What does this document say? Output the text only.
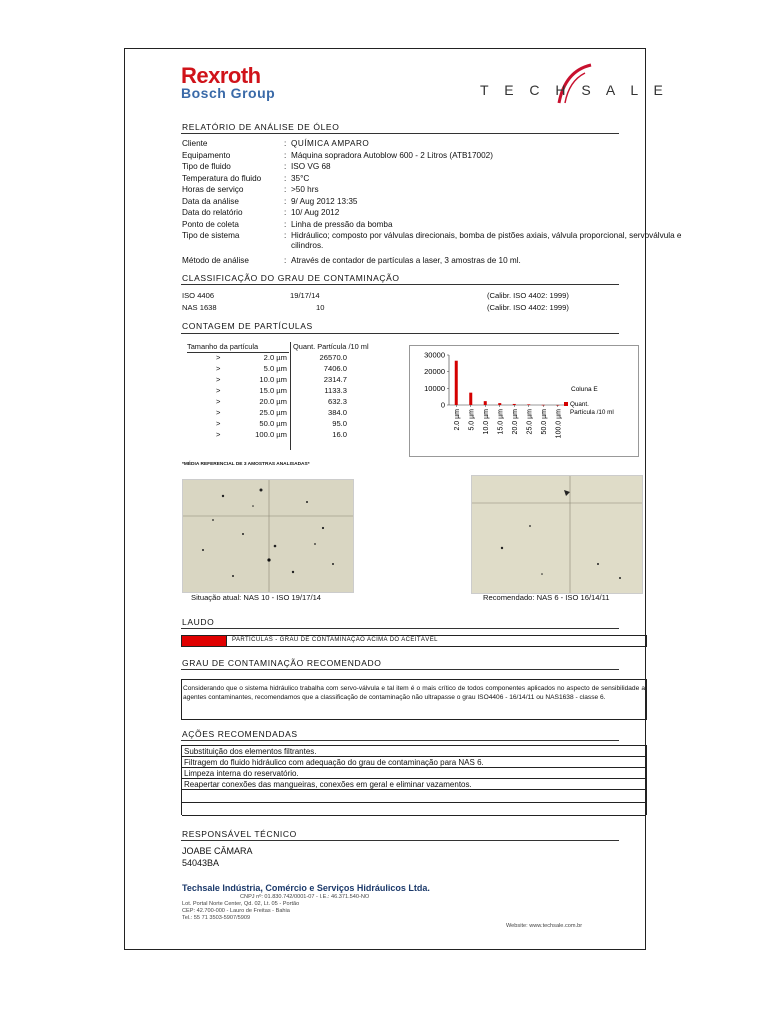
Rexroth
Bosch Group	T E C H S A L E
RELATÓRIO DE ANÁLISE DE ÓLEO
Cliente	: QUÍMICA AMPARO
Equipamento	: Máquina sopradora Autoblow 600 - 2 Litros (ATB17002)
Tipo de fluido	: ISO VG 68
Temperatura do fluido	: 35°C
Horas de serviço	: >50 hrs
Data da análise	: 9/ Aug 2012 13:35
Data do relatório	: 10/ Aug 2012
Ponto de coleta	: Linha de pressão da bomba
Tipo de sistema	: Hidráulico; composto por válvulas direcionais, bomba de pistões axiais, válvula proporcional, servoválvula e cilindros.
Método de análise	: Através de contador de partículas a laser, 3 amostras de 10 ml.
CLASSIFICAÇÃO DO GRAU DE CONTAMINAÇÃO
ISO 4406	19/17/14	(Calibr. ISO 4402: 1999)
NAS 1638	10	(Calibr. ISO 4402: 1999)
CONTAGEM DE PARTÍCULAS
Tamanho da partícula	Quant. Partícula /10 ml
>	2.0 µm	26570.0
>	5.0 µm	7406.0
>	10.0 µm	2314.7
>	15.0 µm	1133.3
>	20.0 µm	632.3
>	25.0 µm	384.0
>	50.0 µm	95.0
>	100.0 µm	16.0
30000
20000
10000
0
2.0 µm 5.0 µm 10.0 µm 15.0 µm 20.0 µm 25.0 µm 50.0 µm 100.0 µm
Coluna E
Quant.
Partícula /10 ml
*MÉDIA REFERENCIAL DE 3 AMOSTRAS ANALISADAS*
Situação atual: NAS 10 - ISO 19/17/14	Recomendado: NAS 6 - ISO 16/14/11
LAUDO
PARTÍCULAS - GRAU DE CONTAMINAÇÃO ACIMA DO ACEITÁVEL
GRAU DE CONTAMINAÇÃO RECOMENDADO
Considerando que o sistema hidráulico trabalha com servo-válvula e tal item é o mais crítico de todos componentes aplicados no aspecto de sensibilidade a agentes contaminantes, recomendamos que a classificação de contaminação não ultrapasse o grau ISO4406 - 16/14/11 ou NAS1638 - classe 6.
AÇÕES RECOMENDADAS
Substituição dos elementos filtrantes.
Filtragem do fluido hidráulico com adequação do grau de contaminação para NAS 6.
Limpeza interna do reservatório.
Reapertar conexões das mangueiras, conexões em geral e eliminar vazamentos.
RESPONSÁVEL TÉCNICO
JOABE CÂMARA
54043BA
Techsale Indústria, Comércio e Serviços Hidráulicos Ltda.
CNPJ nº: 01.830.742/0001-07 - I.E.: 46.371.540-NO
Lot. Portal Norte Center, Qd. 02, Lt. 05 - Portão
CEP: 42.700-000 - Lauro de Freitas - Bahia
Tel.: 55 71 3503-5907/5909
Website: www.techsale.com.br
